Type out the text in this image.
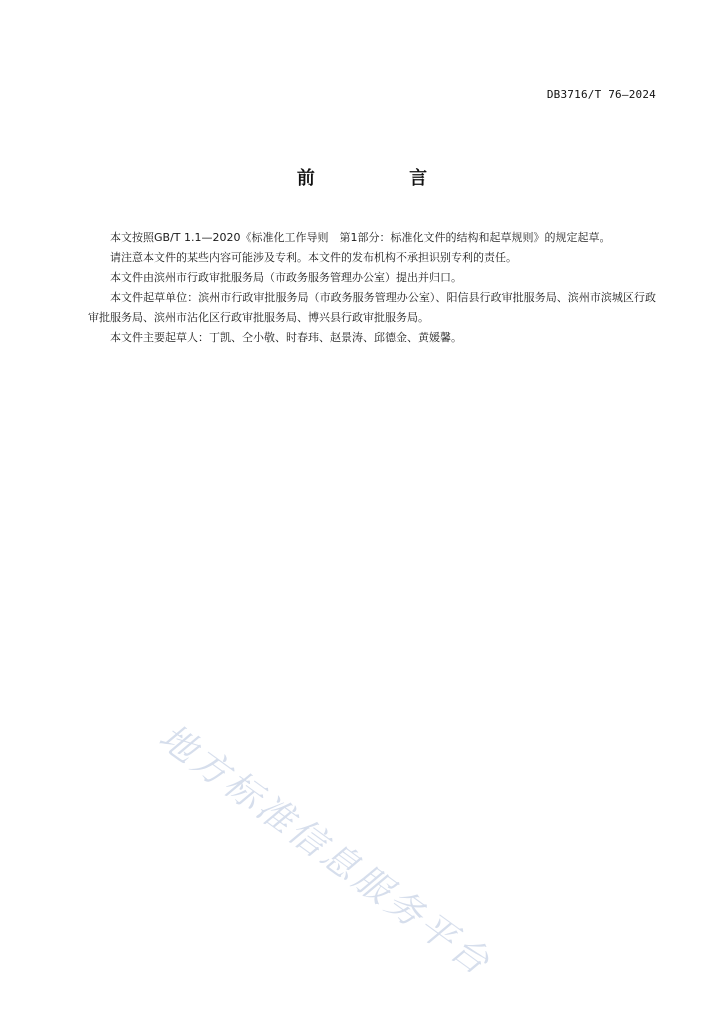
DB3716/T 76—2024
前 言

本文按照GB/T 1.1—2020《标准化工作导则　第1部分：标准化文件的结构和起草规则》的规定起草。

请注意本文件的某些内容可能涉及专利。本文件的发布机构不承担识别专利的责任。

本文件由滨州市行政审批服务局（市政务服务管理办公室）提出并归口。

本文件起草单位：滨州市行政审批服务局（市政务服务管理办公室）、阳信县行政审批服务局、滨州市滨城区行政审批服务局、滨州市沾化区行政审批服务局、博兴县行政审批服务局。

本文件主要起草人：丁凯、仝小敬、时春玮、赵景涛、邱德金、黄媛馨。

地方标准信息服务平台
